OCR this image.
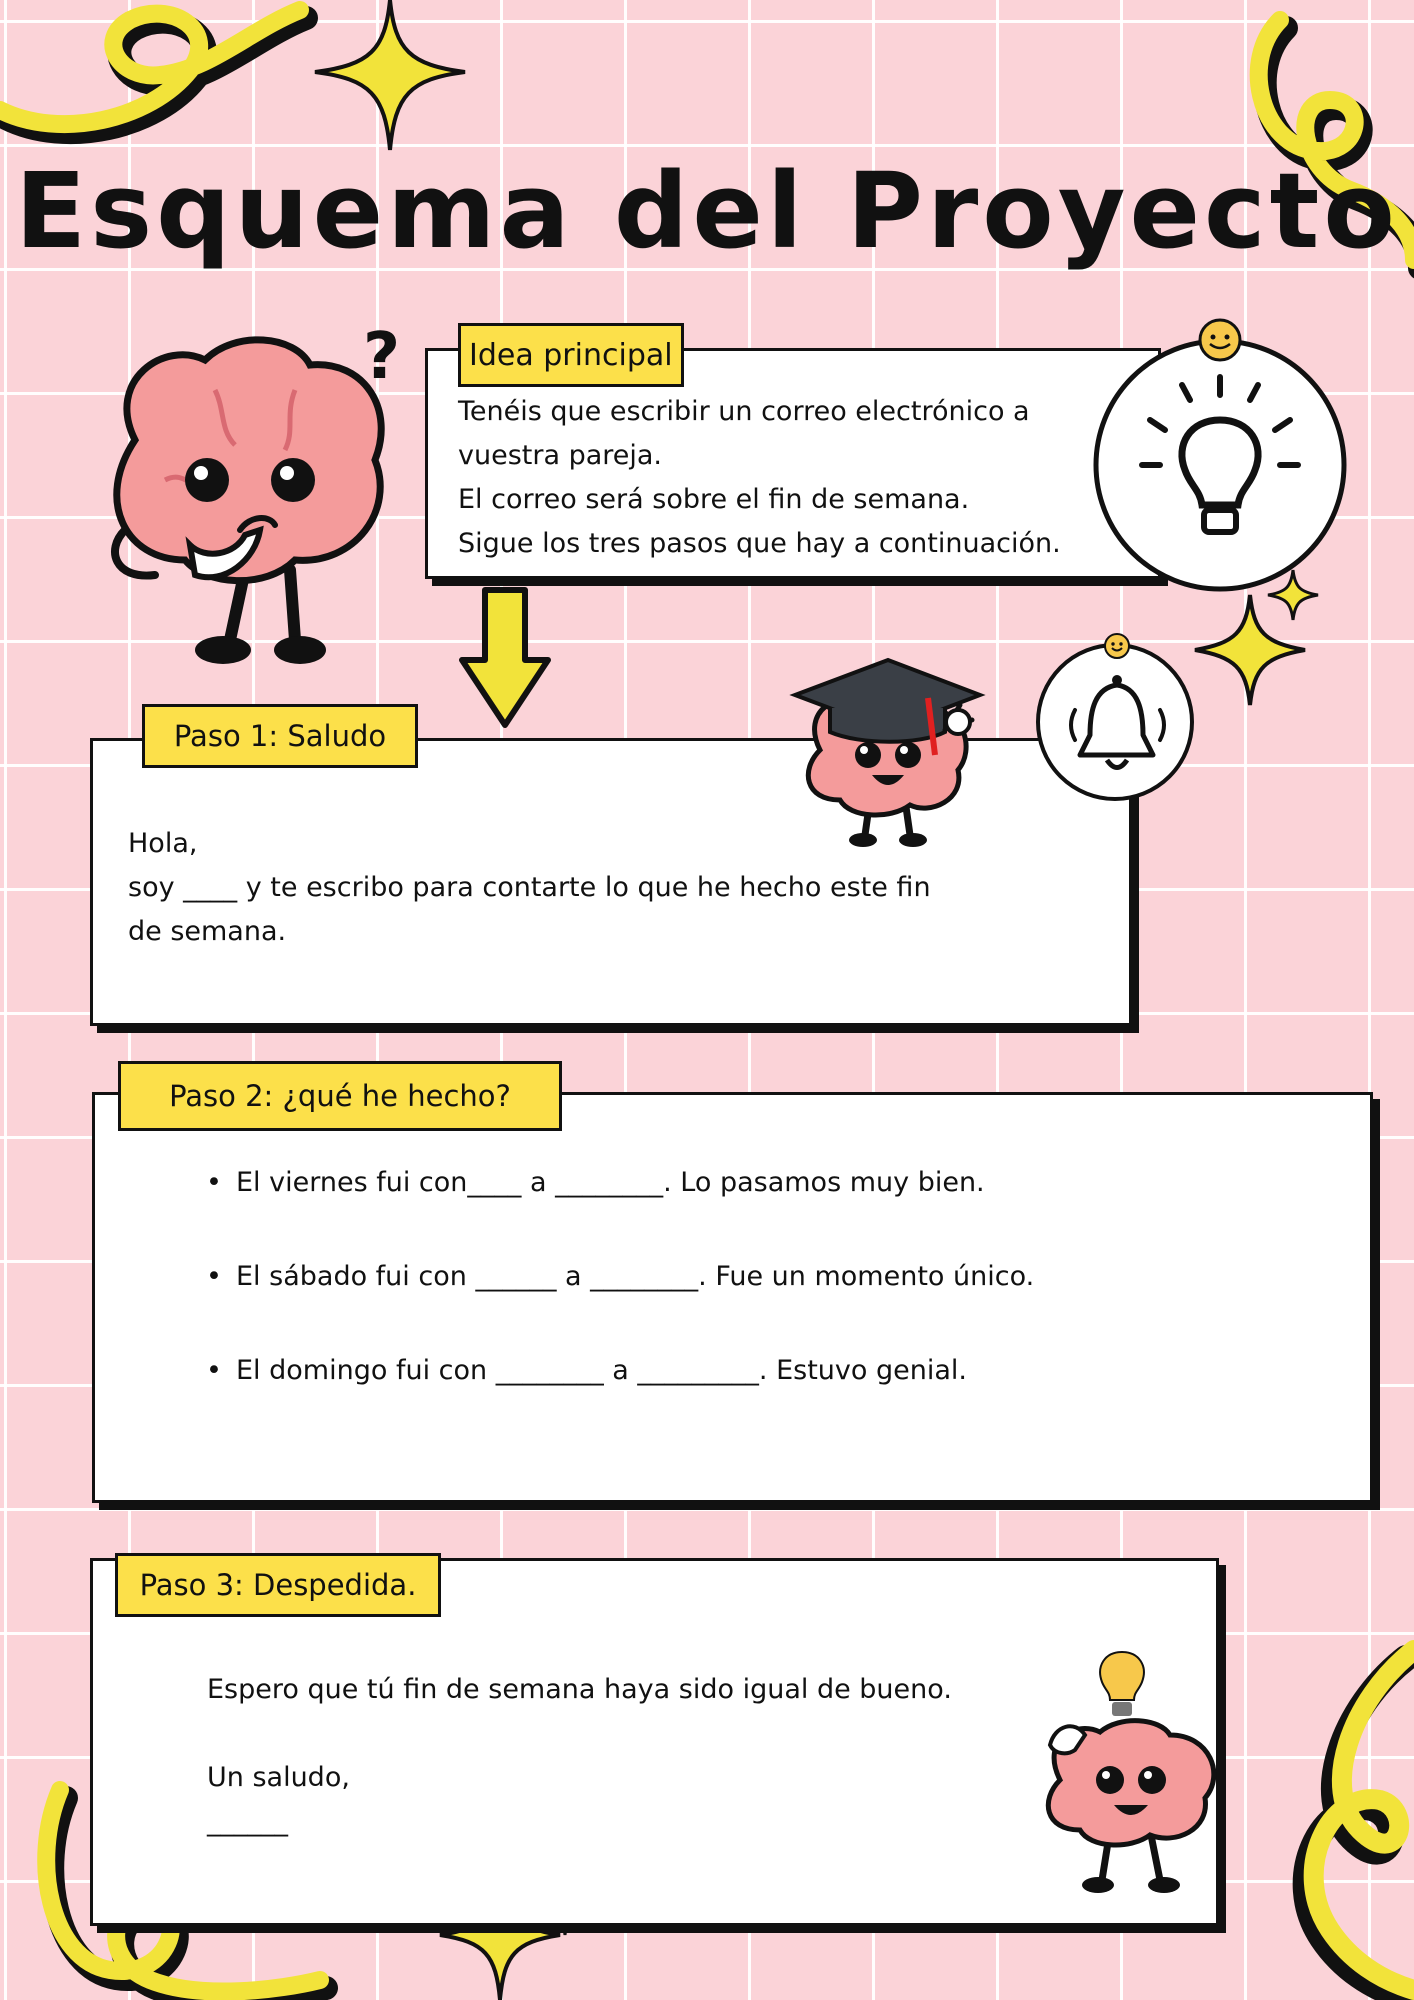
Esquema del Proyecto
? Idea principal
Tenéis que escribir un correo electrónico a
vuestra pareja.
El correo será sobre el fin de semana.
Sigue los tres pasos que hay a continuación.
Paso 1: Saludo
Hola,
soy ____ y te escribo para contarte lo que he hecho este fin
de semana.
Paso 2: ¿qué he hecho?
• El viernes fui con____ a ________. Lo pasamos muy bien.
• El sábado fui con ______ a ________. Fue un momento único.
• El domingo fui con ________ a _________. Estuvo genial.
Paso 3: Despedida.
Espero que tú fin de semana haya sido igual de bueno.
Un saludo,
______
